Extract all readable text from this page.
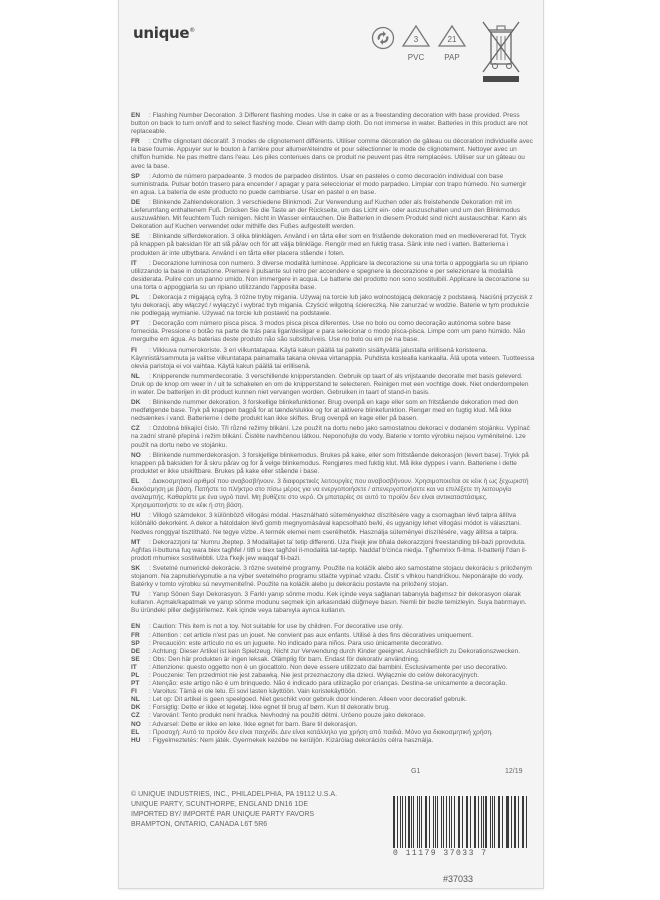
unique®
3
PVC
21
PAP
EN : Flashing Number Decoration. 3 Different flashing modes. Use in cake or as a freestanding decoration with base provided. Press button on back to turn on/off and to select flashing mode. Clean with damp cloth. Do not immerse in water. Batteries in this product are not replaceable.
FR : Chiffre clignotant décoratif. 3 modes de clignotement différents. Utiliser comme décoration de gâteau ou décoration individuelle avec la base fournie. Appuyer sur le bouton à l'arrière pour allumer/éteindre et pour sélectionner le mode de clignotement. Nettoyer avec un chiffon humide. Ne pas mettre dans l'eau. Les piles contenues dans ce produit ne peuvent pas être remplacées. Utiliser sur un gâteau ou avec la base.
SP : Adorno de número parpadeante. 3 modos de parpadeo distintos. Usar en pasteles o como decoración individual con base suministrada. Pulsar botón trasero para encender / apagar y para seleccionar el modo parpadeo. Limpiar con trapo húmedo. No sumergir en agua. La batería de este producto no puede cambiarse. Usar en pastel o en base.
DE : Blinkende Zahlendekoration. 3 verschiedene Blinkmodi. Zur Verwendung auf Kuchen oder als freistehende Dekoration mit im Lieferumfang enthaltenem Fuß. Drücken Sie die Taste an der Rückseite, um das Licht ein- oder auszuschalten und um den Blinkmodus auszuwählen. Mit feuchtem Tuch reinigen. Nicht in Wasser eintauchen. Die Batterien in diesem Produkt sind nicht austauschbar. Kann als Dekoration auf Kuchen verwendet oder mithilfe des Fußes aufgestellt werden.
SE : Blinkande sifferdekoration. 3 olika blinklägen. Använd i en tårta eller som en fristående dekoration med en medlevererad fot. Tryck på knappen på baksidan för att slå på/av och för att välja blinkläge. Rengör med en fuktig trasa. Sänk inte ned i vatten. Batterierna i produkten är inte utbytbara. Använd i en tårta eller placera stående i foten.
IT : Decorazione luminosa con numero. 3 diverse modalità luminose. Applicare la decorazione su una torta o appoggiarla su un ripiano utilizzando la base in dotazione. Premere il pulsante sul retro per accendere e spegnere la decorazione e per selezionare la modalità desiderata. Pulire con un panno umido. Non immergere in acqua. Le batterie del prodotto non sono sostituibili. Applicare la decorazione su una torta o appoggiarla su un ripiano utilizzando l'apposita base.
PL : Dekoracja z migającą cyfrą. 3 różne tryby migania. Używaj na torcie lub jako wolnostojącą dekorację z podstawą. Naciśnij przycisk z tyłu dekoracji, aby włączyć / wyłączyć i wybrać tryb migania. Czyścić wilgotną ściereczką. Nie zanurzać w wodzie. Baterie w tym produkcie nie podlegają wymianie. Używać na torcie lub postawić na podstawie.
PT : Decoração com número pisca pisca. 3 modos pisca pisca diferentes. Use no bolo ou como decoração autónoma sobre base fornecida. Pressione o botão na parte de trás para ligar/desligar e para selecionar o modo pisca-pisca. Limpe com um pano húmido. Não mergulhe em água. As baterias deste produto não são substituíveis. Use no bolo ou em pé na base.
FI : Vilkkuva numerokoriste. 3 eri vilkuntatapaa. Käytä kakun päällä tai paketin sisältyvällä jalustalla erillisenä koristeena. Käynnistä/sammuta ja valitse vilkuntatapa painamalla takana olevaa virtanappia. Puhdista kostealla kankaalla. Älä upota veteen. Tuotteessa olevia paristoja ei voi vaihtaa. Käytä kakun päällä tai erillisenä.
NL : Knipperende nummerdecoratie. 3 verschillende knipperstanden. Gebruik op taart of als vrijstaande decoratie met basis geleverd. Druk op de knop om weer in / uit te schakelen en om de knipperstand te selecteren. Reinigen met een vochtige doek. Niet onderdompelen in water. De batterijen in dit product kunnen niet vervangen worden. Gebruiken in taart of stand-in basis.
DK : Blinkende nummer dekoration. 3 forskellige blinkefunktioner. Brug ovenpå en kage eller som en fritstående dekoration med den medfølgende base. Tryk på knappen bagpå for at tænde/slukke og for at aktivere blinkefunktion. Rengør med en fugtig klud. Må ikke nedsænkes i vand. Batterierne i dette produkt kan ikke skiftes. Brug ovenpå en kage eller på basen.
CZ : Ozdobná blikající číslo. Tři různé režimy blikání. Lze použít na dortu nebo jako samostatnou dekoraci v dodaném stojánku. Vypínač na zadní straně přepíná i režim blikání. Čistěte navlhčenou látkou. Neponořujte do vody. Baterie v tomto výrobku nejsou vyměnitelné. Lze použít na dortu nebo ve stojánku.
NO : Blinkende nummerdekorasjon. 3 forskjellige blinkemodus. Brukes på kake, eller som frittstående dekorasjon (levert base). Trykk på knappen på baksiden for å skru på/av og for å velge blinkemodus. Rengjøres med fuktig klut. Må ikke dyppes i vann. Batteriene i dette produktet er ikke utskiftbare. Brukes på kake eller stående i base.
EL : Διακοσμητικοί αριθμοί που αναβοσβήνουν. 3 διαφορετικές λειτουργίες που αναβοσβήνουν. Χρησιμοποιείται σε κέικ ή ως ξεχωριστή διακόσμηση με βάση. Πατήστε το πλήκτρο στο πίσω μέρος για να ενεργοποιήσετε / απενεργοποιήσετε και να επιλέξετε τη λειτουργία αναλαμπής. Καθαρίστε με ένα υγρό πανί. Μη βυθίζετε στο νερό. Οι μπαταρίες σε αυτό το προϊόν δεν είναι αντικαταστάσιμες. Χρησιμοποιήστε το σε κέικ ή στη βάση.
HU : Villogó számdekor. 3 különböző villogási módal. Használható süteményekhez díszítésére vagy a csomagban lévő talpra állítva különálló dekorként. A dekor a hátoldalon lévő gomb megnyomásával kapcsolható be/ki, és ugyanígy lehet villogási módot is választani. Nedves ronggyal tisztítható. Ne tegye vízbe. A termék elemei nem cserélhetők. Használja süteményei díszítésére, vagy állítsa a talpra.
MT : Dekorazzjoni ta' Numru Jteptep. 3 Modalitajiet ta' tetip differenti. Uża f'kejk jew bħala dekorazzjoni freestanding bil-bażi pprovduta. Agħfas il-buttuna fuq wara biex tagħfel / titfi u biex tagħżel il-modalità tat-teptip. Naddaf b'ċinċa niedja. Tgħemrixx fl-ilma. Il-batteriji f'dan il-prodott mhumiex sostitwibbli. Uża f'kejk jew waqqaf fil-bażi.
SK : Svetelné numerické dekorácie. 3 rôzne svetelné programy. Použite na koláčik alebo ako samostatne stojacu dekoráciu s priloženým stojanom. Na zapnutie/vypnutie a na výber svetelného programu stlačte vypínač vzadu. Čistiť s vlhkou handričkou. Neponárajte do vody. Batérky v tomto výrobku sú nevymeniteľné. Použite na koláčik alebo ju dekoráciu postavte na priložený stojan.
TU : Yanıp Sönen Sayı Dekorasyon. 3 Farklı yanıp sönme modu. Kek içinde veya sağlanan tabanıyla bağımsız bir dekorasyon olarak kullanın. Açmak/kapatmak ve yanıp sönme modunu seçmek için arkasındaki düğmeye basın. Nemli bir bezle temizleyin. Suya batırmayın. Bu üründeki piller değiştirilemez. Kek içinde veya tabanıyla ayrıca kullanın.
EN : Caution: This item is not a toy. Not suitable for use by children. For decorative use only.
FR : Attention : cet article n'est pas un jouet. Ne convient pas aux enfants. Utilisé à des fins décoratives uniquement.
SP : Precaución: este artículo no es un juguete. No indicado para niños. Para uso únicamente decorativo.
DE : Achtung: Dieser Artikel ist kein Spielzeug. Nicht zur Verwendung durch Kinder geeignet. Ausschließlich zu Dekorationszwecken.
SE : Obs: Den här produkten är ingen leksak. Olämplig för barn. Endast för dekorativ användning.
IT : Attenzione: questo oggetto non è un giocattolo. Non deve essere utilizzato dai bambini. Esclusivamente per uso decorativo.
PL : Pouczenie: Ten przedmiot nie jest zabawką. Nie jest przeznaczony dla dzieci. Wyłącznie do celów dekoracyjnych.
PT : Atenção: este artigo não é um brinquedo. Não é indicado para utilização por crianças. Destina-se unicamente a decoração.
FI : Varoitus: Tämä ei ole lelu. Ei sovi lasten käyttöön. Vain koristekäyttöön.
NL : Let op: Dit artikel is geen speelgoed. Niet geschikt voor gebruik door kinderen. Alleen voor decoratief gebruik.
DK : Forsigtig: Dette er ikke et legetøj. Ikke egnet til brug af børn. Kun til dekorativ brug.
CZ : Varování: Tento produkt není hračka. Nevhodný na použití dětmi. Určeno pouze jako dekorace.
NO : Advarsel: Dette er ikke en leke. Ikke egnet for barn. Bare til dekorasjon.
EL : Προσοχή: Αυτό το προϊόν δεν είναι παιχνίδι. Δεν είναι κατάλληλο για χρήση από παιδιά. Μόνο για διακοσμητική χρήση.
HU : Figyelmeztetés: Nem játék. Gyermekek kezébe ne kerüljön. Kizárólag dekorációs célra használja.
G1	12/19
© UNIQUE INDUSTRIES, INC., PHILADELPHIA, PA 19112 U.S.A.
UNIQUE PARTY, SCUNTHORPE, ENGLAND DN16 1DE
IMPORTED BY/ IMPORTÉ PAR UNIQUE PARTY FAVORS
BRAMPTON, ONTARIO, CANADA L6T 5R6
0 11179 37033 7
#37033
